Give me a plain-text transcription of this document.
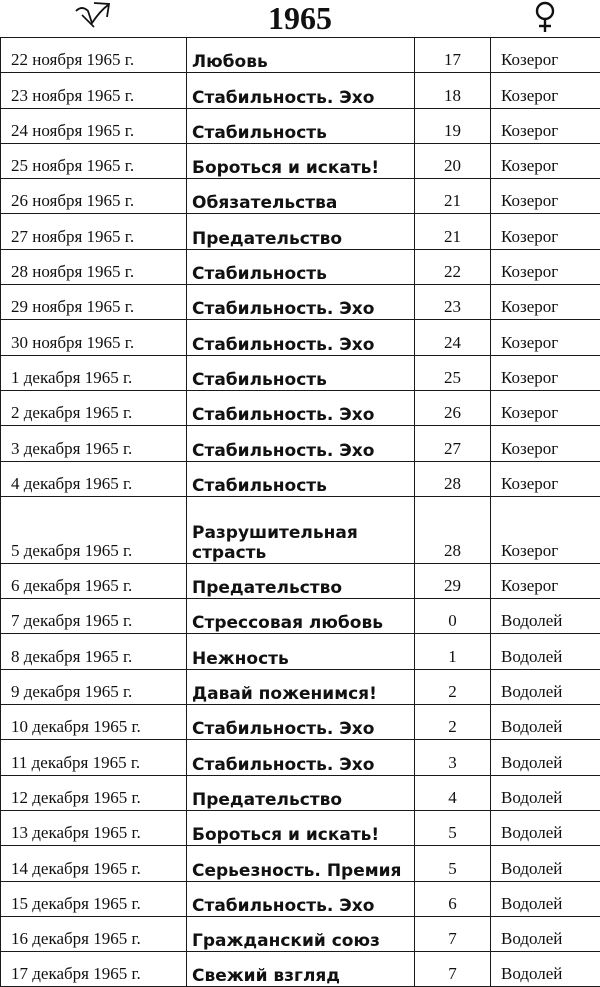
1965
22 ноября 1965 г.	Любовь	17	Козерог
23 ноября 1965 г.	Стабильность. Эхо	18	Козерог
24 ноября 1965 г.	Стабильность	19	Козерог
25 ноября 1965 г.	Бороться и искать!	20	Козерог
26 ноября 1965 г.	Обязательства	21	Козерог
27 ноября 1965 г.	Предательство	21	Козерог
28 ноября 1965 г.	Стабильность	22	Козерог
29 ноября 1965 г.	Стабильность. Эхо	23	Козерог
30 ноября 1965 г.	Стабильность. Эхо	24	Козерог
1 декабря 1965 г.	Стабильность	25	Козерог
2 декабря 1965 г.	Стабильность. Эхо	26	Козерог
3 декабря 1965 г.	Стабильность. Эхо	27	Козерог
4 декабря 1965 г.	Стабильность	28	Козерог
5 декабря 1965 г.	Разрушительная страсть	28	Козерог
6 декабря 1965 г.	Предательство	29	Козерог
7 декабря 1965 г.	Стрессовая любовь	0	Водолей
8 декабря 1965 г.	Нежность	1	Водолей
9 декабря 1965 г.	Давай поженимся!	2	Водолей
10 декабря 1965 г.	Стабильность. Эхо	2	Водолей
11 декабря 1965 г.	Стабильность. Эхо	3	Водолей
12 декабря 1965 г.	Предательство	4	Водолей
13 декабря 1965 г.	Бороться и искать!	5	Водолей
14 декабря 1965 г.	Серьезность. Премия	5	Водолей
15 декабря 1965 г.	Стабильность. Эхо	6	Водолей
16 декабря 1965 г.	Гражданский союз	7	Водолей
17 декабря 1965 г.	Свежий взгляд	7	Водолей
